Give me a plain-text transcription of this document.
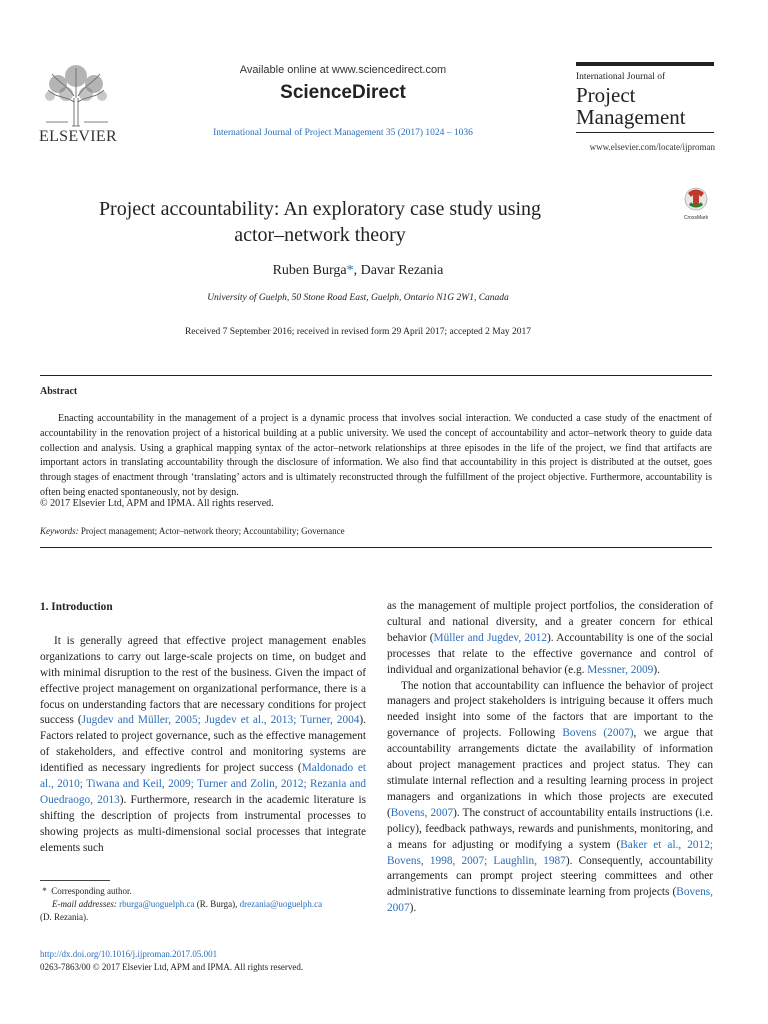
ELSEVIER
Available online at www.sciencedirect.com
ScienceDirect
International Journal of Project Management 35 (2017) 1024 – 1036
International Journal of
Project
Management
www.elsevier.com/locate/ijproman
Project accountability: An exploratory case study using
actor–network theory
CrossMark
Ruben Burga*, Davar Rezania
University of Guelph, 50 Stone Road East, Guelph, Ontario N1G 2W1, Canada
Received 7 September 2016; received in revised form 29 April 2017; accepted 2 May 2017
Abstract
Enacting accountability in the management of a project is a dynamic process that involves social interaction. We conducted a case study of the enactment of accountability in the renovation project of a historical building at a public university. We used the concept of accountability and actor–network theory to guide data collection and analysis. Using a graphical mapping syntax of the actor–network relationships at three episodes in the life of the project, we find that artifacts are important actors in translating accountability through the disclosure of information. We also find that accountability in this project is distributed at the outset, goes through stages of enactment through ‘translating’ actors and is ultimately reconstructed through the fulfillment of the project objective. Furthermore, accountability is often being enacted spontaneously, not by design.
© 2017 Elsevier Ltd, APM and IPMA. All rights reserved.
Keywords: Project management; Actor–network theory; Accountability; Governance
1. Introduction

It is generally agreed that effective project management enables organizations to carry out large-scale projects on time, on budget and with minimal disruption to the rest of the business. Given the impact of effective project management on organizational performance, there is a focus on understanding factors that are necessary conditions for project success (Jugdev and Müller, 2005; Jugdev et al., 2013; Turner, 2004). Factors related to project governance, such as the effective management of stakeholders, and effective control and monitoring systems are identified as necessary ingredients for project success (Maldonado et al., 2010; Tiwana and Keil, 2009; Turner and Zolin, 2012; Rezania and Ouedraogo, 2013). Furthermore, research in the academic literature is shifting the description of projects from instrumental processes to showing projects as multi-dimensional social processes that integrate elements such

as the management of multiple project portfolios, the consideration of cultural and national diversity, and a greater concern for ethical behavior (Müller and Jugdev, 2012). Accountability is one of the social processes that relate to the effective governance and control of individual and organizational behavior (e.g. Messner, 2009).

The notion that accountability can influence the behavior of project managers and project stakeholders is intriguing because it offers much needed insight into some of the factors that are important to the governance of projects. Following Bovens (2007), we argue that accountability arrangements dictate the availability of information about project management practices and project status. They can stimulate internal reflection and a resulting learning process in project managers and organizations in which those projects are executed (Bovens, 2007). The construct of accountability entails instructions (i.e. policy), feedback pathways, rewards and punishments, monitoring, and a means for adjusting or modifying a system (Baker et al., 2012; Bovens, 1998, 2007; Laughlin, 1987). Consequently, accountability arrangements can prompt project steering committees and other administrative functions to disseminate learning from projects (Bovens, 2007).

* Corresponding author.
E-mail addresses: rburga@uoguelph.ca (R. Burga), drezania@uoguelph.ca
(D. Rezania).
http://dx.doi.org/10.1016/j.ijproman.2017.05.001
0263-7863/00 © 2017 Elsevier Ltd, APM and IPMA. All rights reserved.
